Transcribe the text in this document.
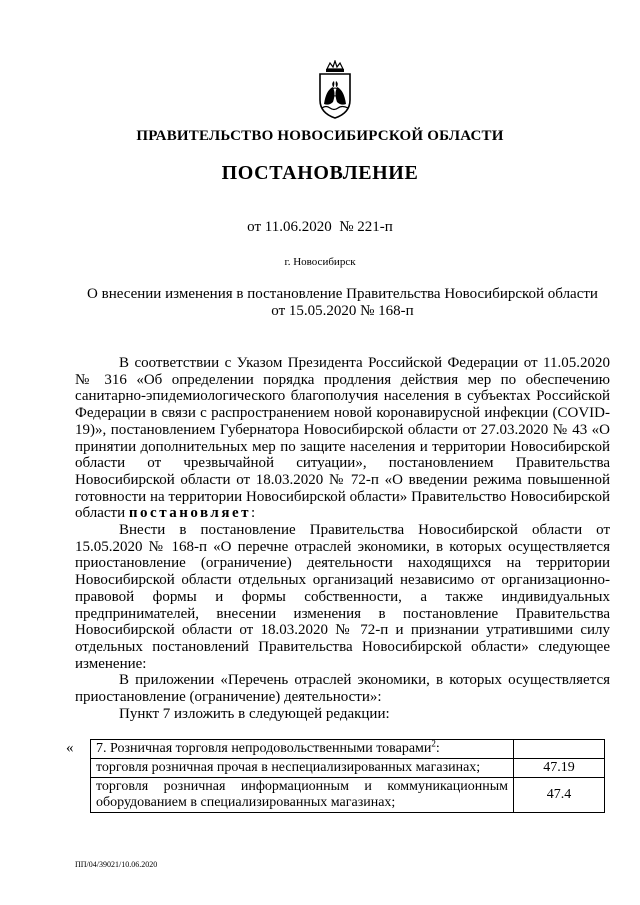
ПРАВИТЕЛЬСТВО НОВОСИБИРСКОЙ ОБЛАСТИ
ПОСТАНОВЛЕНИЕ
от 11.06.2020  № 221-п
г. Новосибирск
О внесении изменения в постановление Правительства Новосибирской области
от 15.05.2020 № 168-п

В соответствии с Указом Президента Российской Федерации от 11.05.2020 № 316 «Об определении порядка продления действия мер по обеспечению санитарно-эпидемиологического благополучия населения в субъектах Российской Федерации в связи с распространением новой коронавирусной инфекции (COVID-19)», постановлением Губернатора Новосибирской области от 27.03.2020 № 43 «О принятии дополнительных мер по защите населения и территории Новосибирской области от чрезвычайной ситуации», постановлением Правительства Новосибирской области от 18.03.2020 № 72-п «О введении режима повышенной готовности на территории Новосибирской области» Правительство Новосибирской области постановляет:

Внести в постановление Правительства Новосибирской области от 15.05.2020 № 168-п «О перечне отраслей экономики, в которых осуществляется приостановление (ограничение) деятельности находящихся на территории Новосибирской области отдельных организаций независимо от организационно-правовой формы и формы собственности, а также индивидуальных предпринимателей, внесении изменения в постановление Правительства Новосибирской области от 18.03.2020 № 72-п и признании утратившими силу отдельных постановлений Правительства Новосибирской области» следующее изменение:

В приложении «Перечень отраслей экономики, в которых осуществляется приостановление (ограничение) деятельности»:

Пункт 7 изложить в следующей редакции:

« 7. Розничная торговля непродовольственными товарами$^2$:	
торговля розничная прочая в неспециализированных магазинах;	47.19
торговля розничная информационным и коммуникационным оборудованием в специализированных магазинах;	47.4
ПП/04/39021/10.06.2020
